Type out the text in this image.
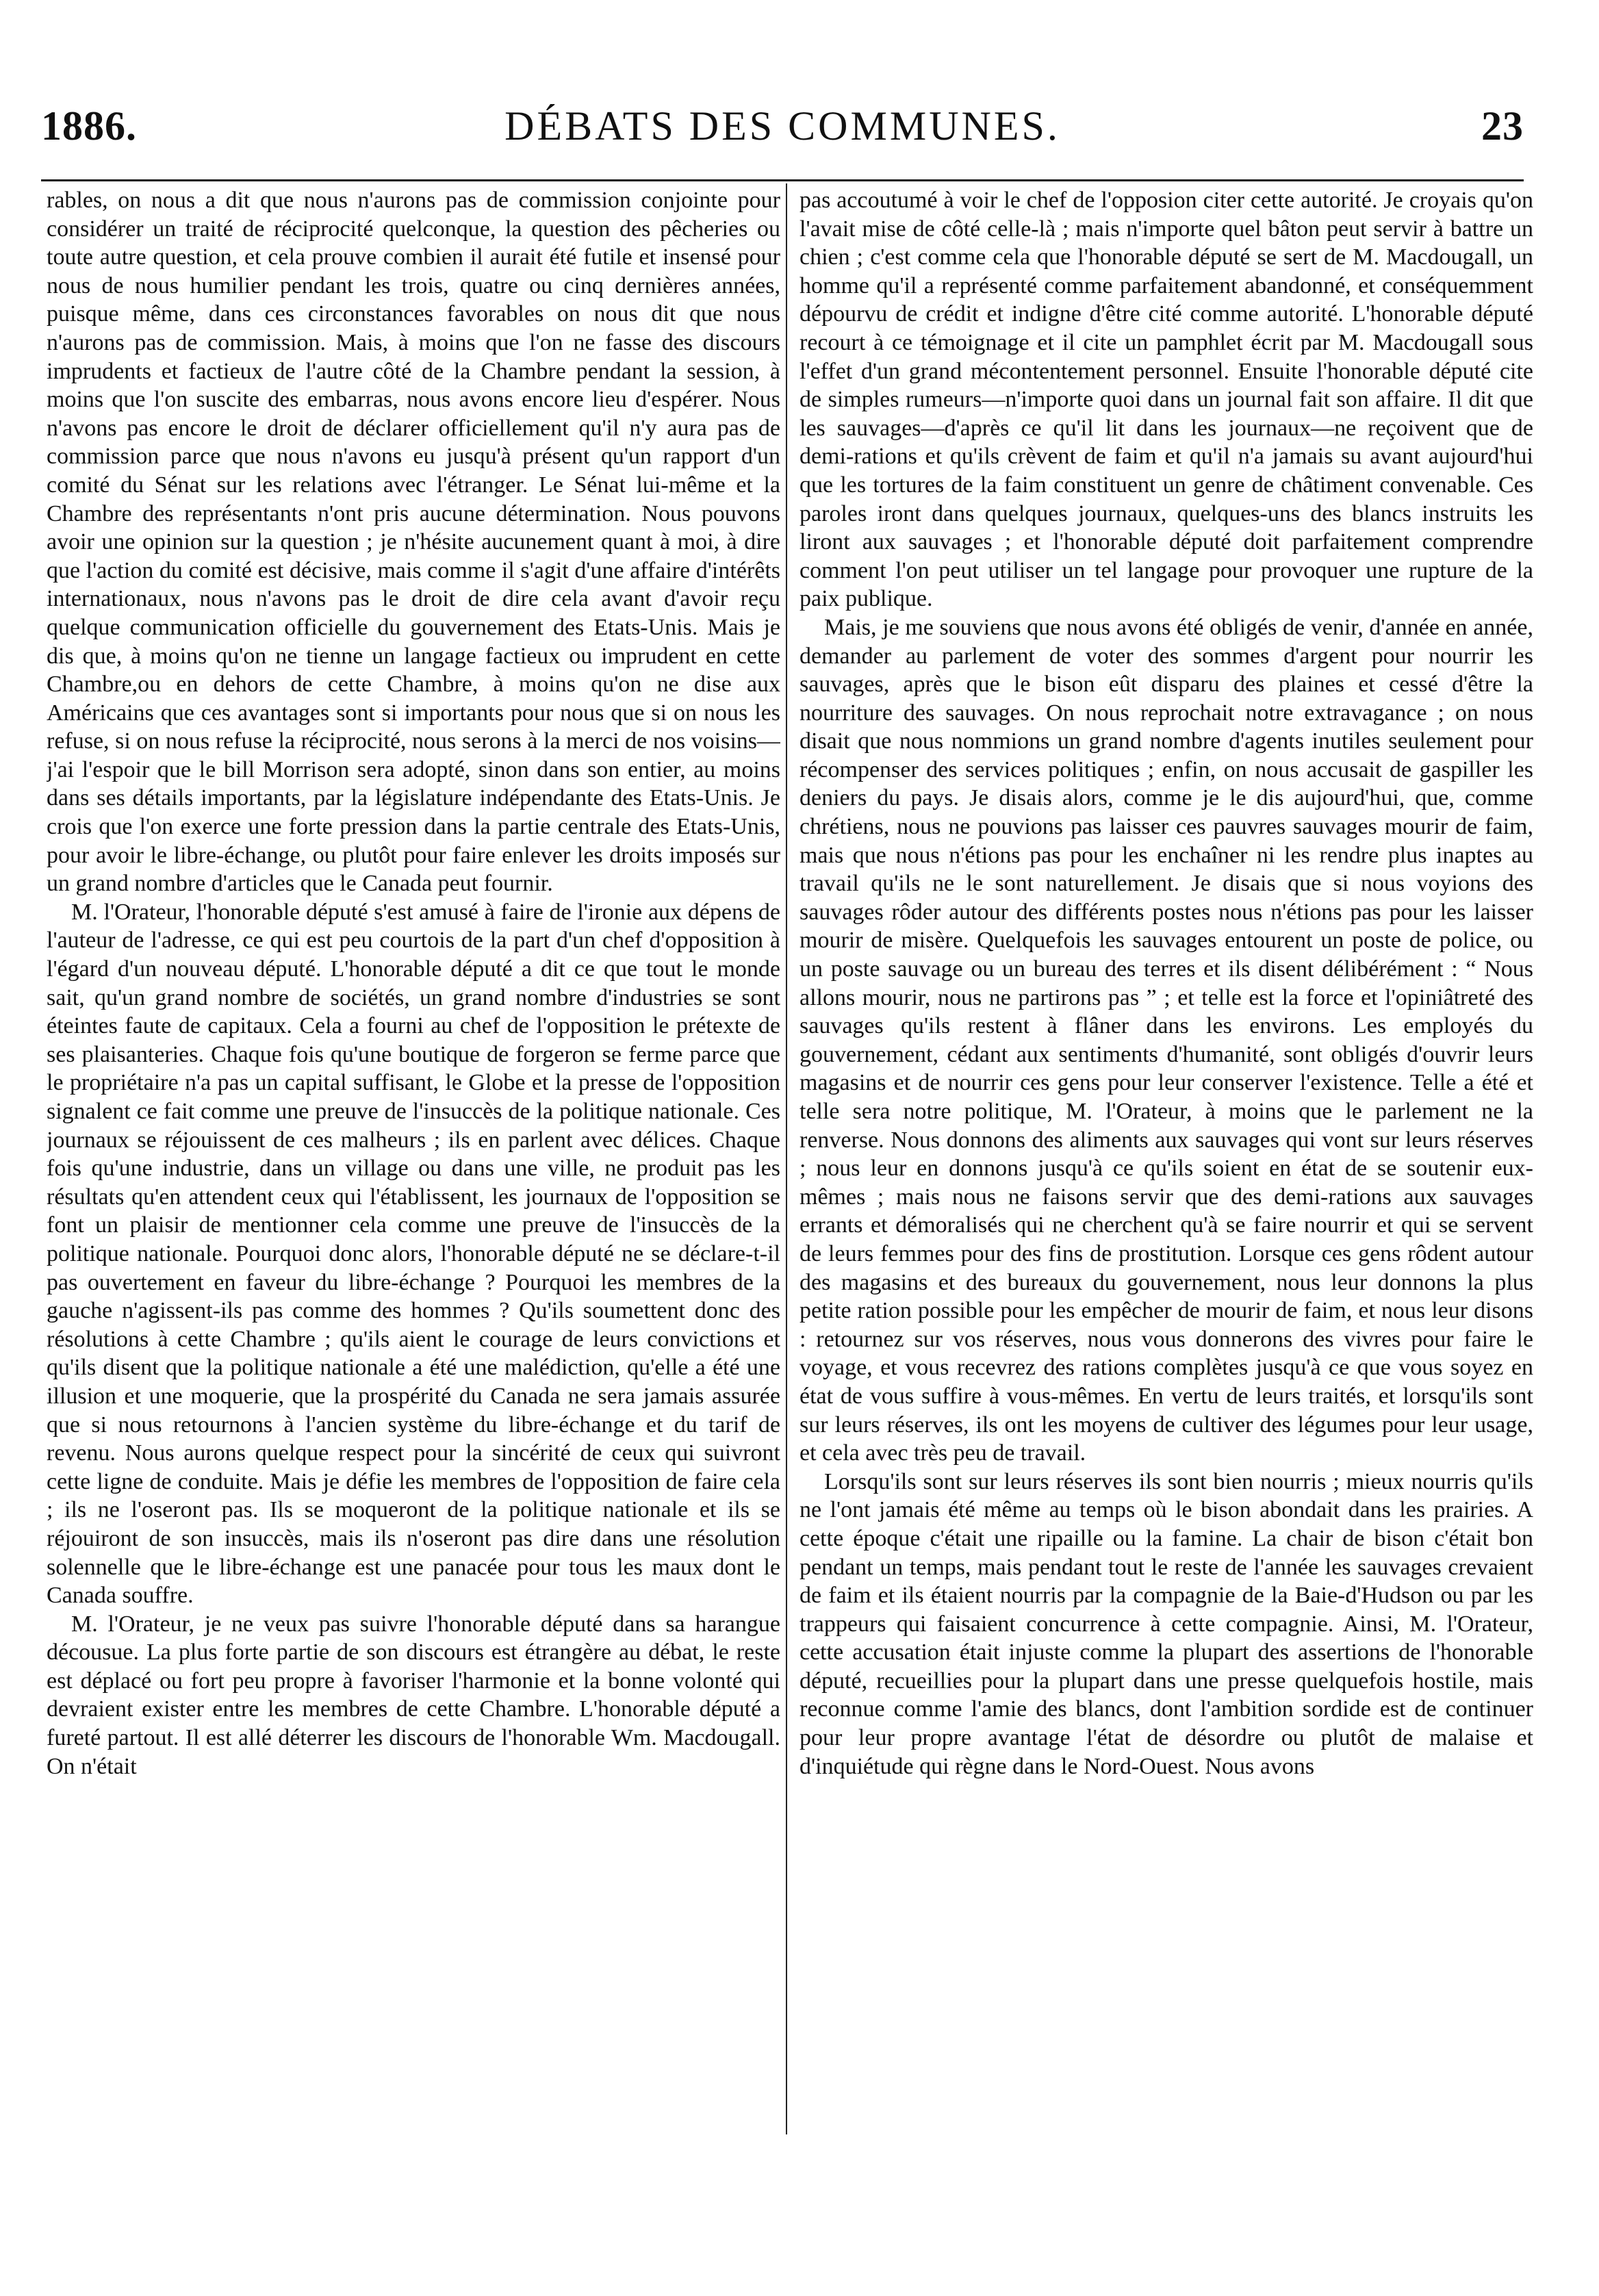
1886.	DÉBATS DES COMMUNES.	23

rables, on nous a dit que nous n'aurons pas de commission conjointe pour considérer un traité de réciprocité quelconque, la question des pêcheries ou toute autre question, et cela prouve combien il aurait été futile et insensé pour nous de nous humilier pendant les trois, quatre ou cinq dernières années, puisque même, dans ces circonstances favorables on nous dit que nous n'aurons pas de commission. Mais, à moins que l'on ne fasse des discours imprudents et factieux de l'autre côté de la Chambre pendant la session, à moins que l'on suscite des embarras, nous avons encore lieu d'espérer. Nous n'avons pas encore le droit de déclarer officiellement qu'il n'y aura pas de commission parce que nous n'avons eu jusqu'à présent qu'un rapport d'un comité du Sénat sur les relations avec l'étranger. Le Sénat lui-même et la Chambre des représentants n'ont pris aucune détermination. Nous pouvons avoir une opinion sur la question ; je n'hésite aucunement quant à moi, à dire que l'action du comité est décisive, mais comme il s'agit d'une affaire d'intérêts internationaux, nous n'avons pas le droit de dire cela avant d'avoir reçu quelque communication officielle du gouvernement des Etats-Unis. Mais je dis que, à moins qu'on ne tienne un langage factieux ou imprudent en cette Chambre,ou en dehors de cette Chambre, à moins qu'on ne dise aux Américains que ces avantages sont si importants pour nous que si on nous les refuse, si on nous refuse la réciprocité, nous serons à la merci de nos voisins—j'ai l'espoir que le bill Morrison sera adopté, sinon dans son entier, au moins dans ses détails importants, par la législature indépendante des Etats-Unis. Je crois que l'on exerce une forte pression dans la partie centrale des Etats-Unis, pour avoir le libre-échange, ou plutôt pour faire enlever les droits imposés sur un grand nombre d'articles que le Canada peut fournir.

M. l'Orateur, l'honorable député s'est amusé à faire de l'ironie aux dépens de l'auteur de l'adresse, ce qui est peu courtois de la part d'un chef d'opposition à l'égard d'un nouveau député. L'honorable député a dit ce que tout le monde sait, qu'un grand nombre de sociétés, un grand nombre d'industries se sont éteintes faute de capitaux. Cela a fourni au chef de l'opposition le prétexte de ses plaisanteries. Chaque fois qu'une boutique de forgeron se ferme parce que le propriétaire n'a pas un capital suffisant, le Globe et la presse de l'opposition signalent ce fait comme une preuve de l'insuccès de la politique nationale. Ces journaux se réjouissent de ces malheurs ; ils en parlent avec délices. Chaque fois qu'une industrie, dans un village ou dans une ville, ne produit pas les résultats qu'en attendent ceux qui l'établissent, les journaux de l'opposition se font un plaisir de mentionner cela comme une preuve de l'insuccès de la politique nationale. Pourquoi donc alors, l'honorable député ne se déclare-t-il pas ouvertement en faveur du libre-échange ? Pourquoi les membres de la gauche n'agissent-ils pas comme des hommes ? Qu'ils soumettent donc des résolutions à cette Chambre ; qu'ils aient le courage de leurs convictions et qu'ils disent que la politique nationale a été une malédiction, qu'elle a été une illusion et une moquerie, que la prospérité du Canada ne sera jamais assurée que si nous retournons à l'ancien système du libre-échange et du tarif de revenu. Nous aurons quelque respect pour la sincérité de ceux qui suivront cette ligne de conduite. Mais je défie les membres de l'opposition de faire cela ; ils ne l'oseront pas. Ils se moqueront de la politique nationale et ils se réjouiront de son insuccès, mais ils n'oseront pas dire dans une résolution solennelle que le libre-échange est une panacée pour tous les maux dont le Canada souffre.

M. l'Orateur, je ne veux pas suivre l'honorable député dans sa harangue décousue. La plus forte partie de son discours est étrangère au débat, le reste est déplacé ou fort peu propre à favoriser l'harmonie et la bonne volonté qui devraient exister entre les membres de cette Chambre. L'honorable député a fureté partout. Il est allé déterrer les discours de l'honorable Wm. Macdougall. On n'était

pas accoutumé à voir le chef de l'opposion citer cette autorité. Je croyais qu'on l'avait mise de côté celle-là ; mais n'importe quel bâton peut servir à battre un chien ; c'est comme cela que l'honorable député se sert de M. Macdougall, un homme qu'il a représenté comme parfaitement abandonné, et conséquemment dépourvu de crédit et indigne d'être cité comme autorité. L'honorable député recourt à ce témoignage et il cite un pamphlet écrit par M. Macdougall sous l'effet d'un grand mécontentement personnel. Ensuite l'honorable député cite de simples rumeurs—n'importe quoi dans un journal fait son affaire. Il dit que les sauvages—d'après ce qu'il lit dans les journaux—ne reçoivent que de demi-rations et qu'ils crèvent de faim et qu'il n'a jamais su avant aujourd'hui que les tortures de la faim constituent un genre de châtiment convenable. Ces paroles iront dans quelques journaux, quelques-uns des blancs instruits les liront aux sauvages ; et l'honorable député doit parfaitement comprendre comment l'on peut utiliser un tel langage pour provoquer une rupture de la paix publique.

Mais, je me souviens que nous avons été obligés de venir, d'année en année, demander au parlement de voter des sommes d'argent pour nourrir les sauvages, après que le bison eût disparu des plaines et cessé d'être la nourriture des sauvages. On nous reprochait notre extravagance ; on nous disait que nous nommions un grand nombre d'agents inutiles seulement pour récompenser des services politiques ; enfin, on nous accusait de gaspiller les deniers du pays. Je disais alors, comme je le dis aujourd'hui, que, comme chrétiens, nous ne pouvions pas laisser ces pauvres sauvages mourir de faim, mais que nous n'étions pas pour les enchaîner ni les rendre plus inaptes au travail qu'ils ne le sont naturellement. Je disais que si nous voyions des sauvages rôder autour des différents postes nous n'étions pas pour les laisser mourir de misère. Quelquefois les sauvages entourent un poste de police, ou un poste sauvage ou un bureau des terres et ils disent délibérément : “ Nous allons mourir, nous ne partirons pas ” ; et telle est la force et l'opiniâtreté des sauvages qu'ils restent à flâner dans les environs. Les employés du gouvernement, cédant aux sentiments d'humanité, sont obligés d'ouvrir leurs magasins et de nourrir ces gens pour leur conserver l'existence. Telle a été et telle sera notre politique, M. l'Orateur, à moins que le parlement ne la renverse. Nous donnons des aliments aux sauvages qui vont sur leurs réserves ; nous leur en donnons jusqu'à ce qu'ils soient en état de se soutenir eux-mêmes ; mais nous ne faisons servir que des demi-rations aux sauvages errants et démoralisés qui ne cherchent qu'à se faire nourrir et qui se servent de leurs femmes pour des fins de prostitution. Lorsque ces gens rôdent autour des magasins et des bureaux du gouvernement, nous leur donnons la plus petite ration possible pour les empêcher de mourir de faim, et nous leur disons : retournez sur vos réserves, nous vous donnerons des vivres pour faire le voyage, et vous recevrez des rations complètes jusqu'à ce que vous soyez en état de vous suffire à vous-mêmes. En vertu de leurs traités, et lorsqu'ils sont sur leurs réserves, ils ont les moyens de cultiver des légumes pour leur usage, et cela avec très peu de travail.

Lorsqu'ils sont sur leurs réserves ils sont bien nourris ; mieux nourris qu'ils ne l'ont jamais été même au temps où le bison abondait dans les prairies. A cette époque c'était une ripaille ou la famine. La chair de bison c'était bon pendant un temps, mais pendant tout le reste de l'année les sauvages crevaient de faim et ils étaient nourris par la compagnie de la Baie-d'Hudson ou par les trappeurs qui faisaient concurrence à cette compagnie. Ainsi, M. l'Orateur, cette accusation était injuste comme la plupart des assertions de l'honorable député, recueillies pour la plupart dans une presse quelquefois hostile, mais reconnue comme l'amie des blancs, dont l'ambition sordide est de continuer pour leur propre avantage l'état de désordre ou plutôt de malaise et d'inquiétude qui règne dans le Nord-Ouest. Nous avons
